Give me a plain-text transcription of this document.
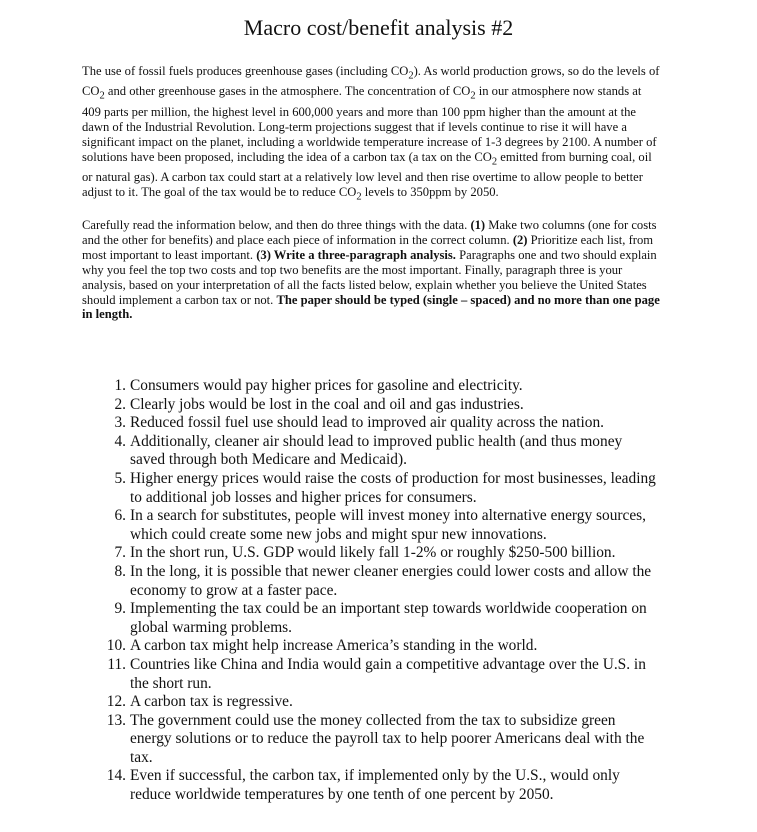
Macro cost/benefit analysis #2

The use of fossil fuels produces greenhouse gases (including $CO_2$). As world production grows, so do the levels of $CO_2$ and other greenhouse gases in the atmosphere. The concentration of $CO_2$ in our atmosphere now stands at 409 parts per million, the highest level in 600,000 years and more than 100 ppm higher than the amount at the dawn of the Industrial Revolution. Long-term projections suggest that if levels continue to rise it will have a significant impact on the planet, including a worldwide temperature increase of 1-3 degrees by 2100. A number of solutions have been proposed, including the idea of a carbon tax (a tax on the $CO_2$ emitted from burning coal, oil or natural gas). A carbon tax could start at a relatively low level and then rise overtime to allow people to better adjust to it. The goal of the tax would be to reduce $CO_2$ levels to 350ppm by 2050.

Carefully read the information below, and then do three things with the data. (1) Make two columns (one for costs and the other for benefits) and place each piece of information in the correct column. (2) Prioritize each list, from most important to least important. (3) Write a three-paragraph analysis. Paragraphs one and two should explain why you feel the top two costs and top two benefits are the most important. Finally, paragraph three is your analysis, based on your interpretation of all the facts listed below, explain whether you believe the United States should implement a carbon tax or not. The paper should be typed (single – spaced) and no more than one page in length.

1. Consumers would pay higher prices for gasoline and electricity.
2. Clearly jobs would be lost in the coal and oil and gas industries.
3. Reduced fossil fuel use should lead to improved air quality across the nation.
4. Additionally, cleaner air should lead to improved public health (and thus money saved through both Medicare and Medicaid).
5. Higher energy prices would raise the costs of production for most businesses, leading to additional job losses and higher prices for consumers.
6. In a search for substitutes, people will invest money into alternative energy sources, which could create some new jobs and might spur new innovations.
7. In the short run, U.S. GDP would likely fall 1-2% or roughly $250-500 billion.
8. In the long, it is possible that newer cleaner energies could lower costs and allow the economy to grow at a faster pace.
9. Implementing the tax could be an important step towards worldwide cooperation on global warming problems.
10. A carbon tax might help increase America’s standing in the world.
11. Countries like China and India would gain a competitive advantage over the U.S. in the short run.
12. A carbon tax is regressive.
13. The government could use the money collected from the tax to subsidize green energy solutions or to reduce the payroll tax to help poorer Americans deal with the tax.
14. Even if successful, the carbon tax, if implemented only by the U.S., would only reduce worldwide temperatures by one tenth of one percent by 2050.
